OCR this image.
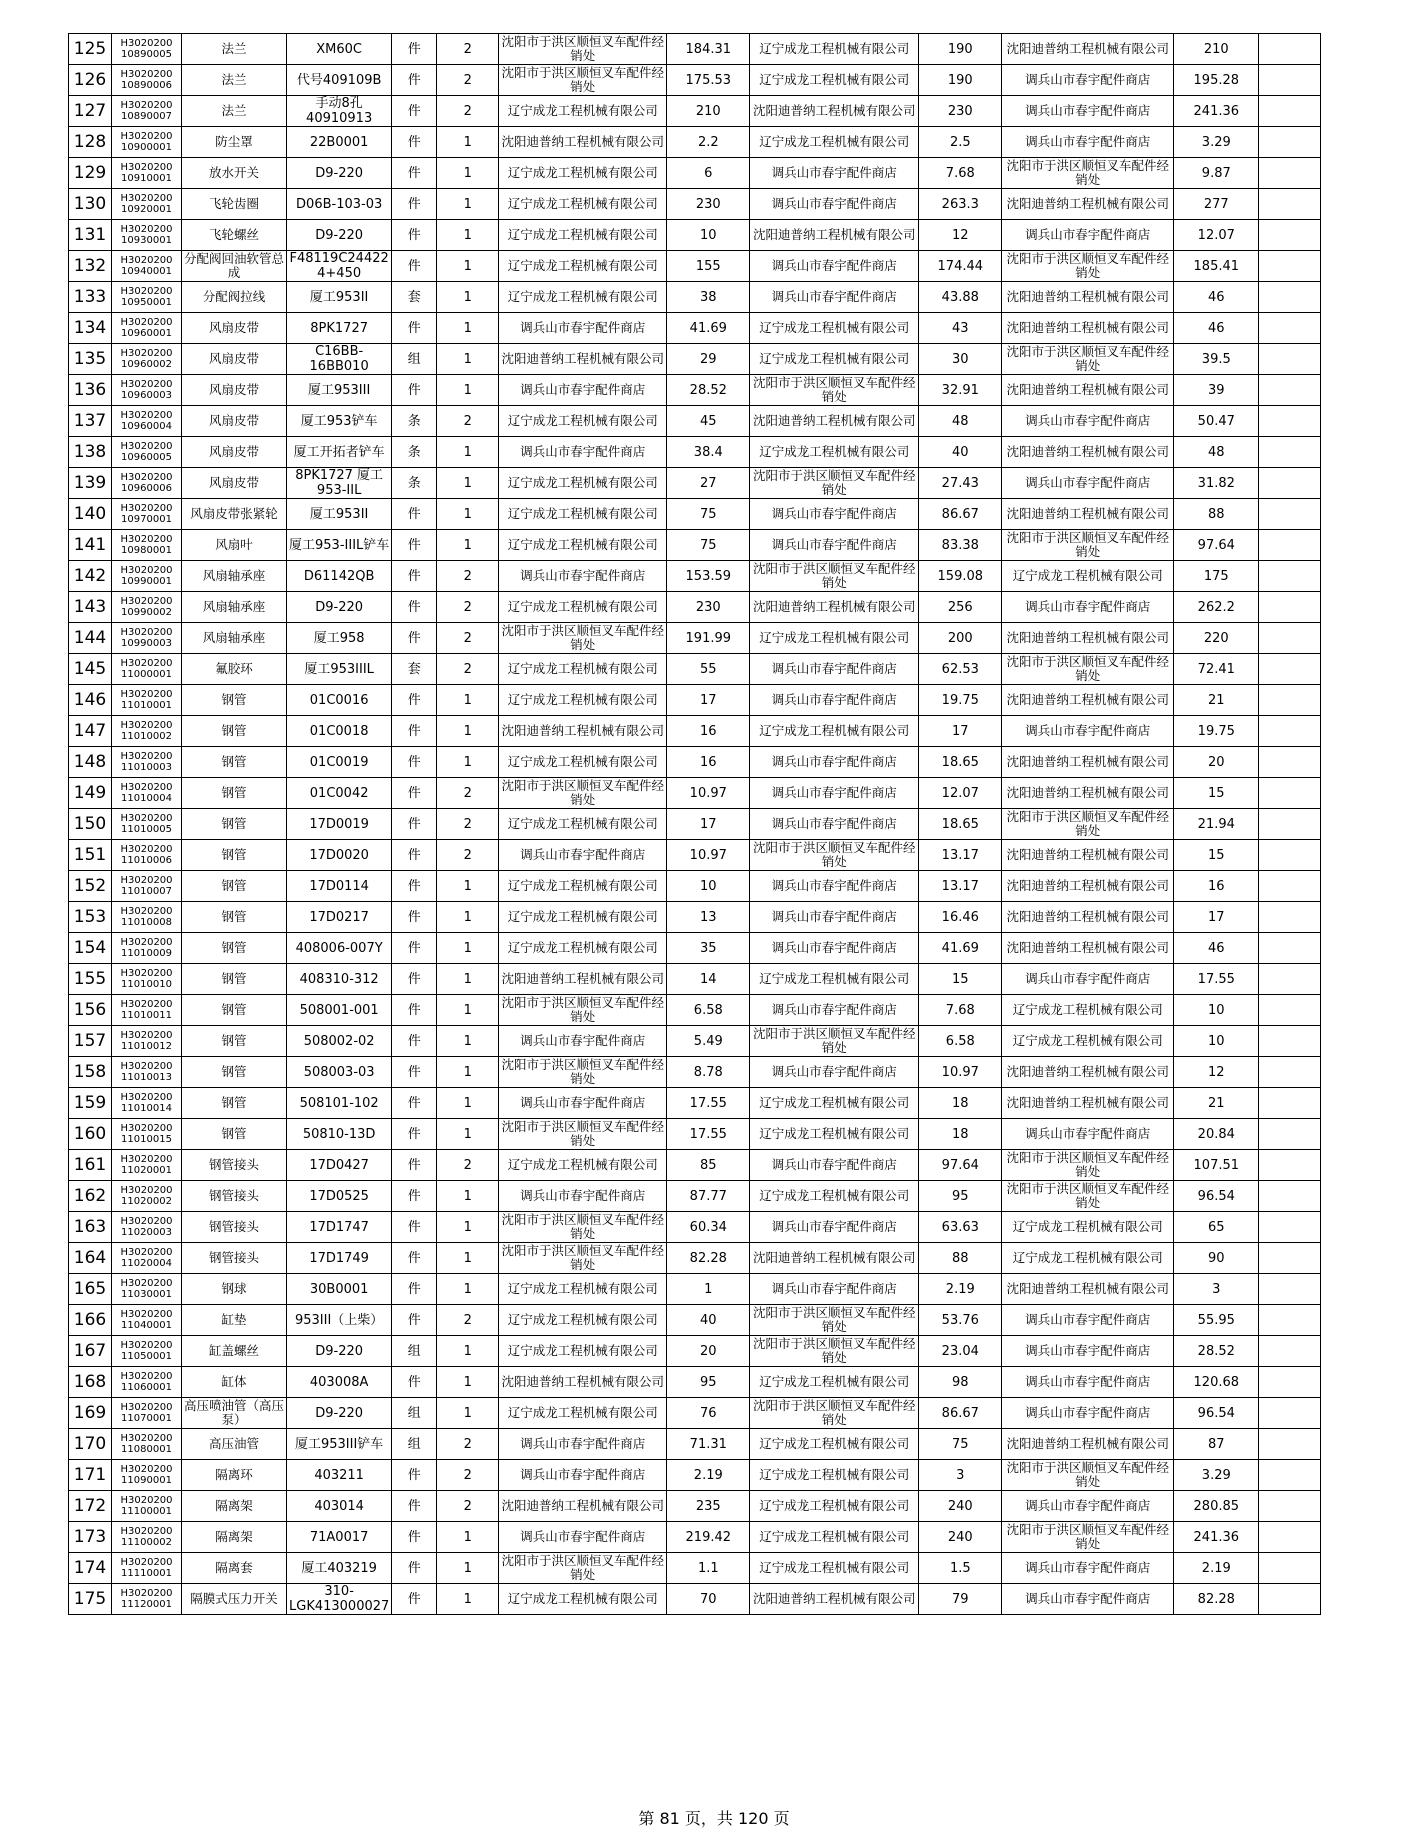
125	H3020200 10890005	法兰	XM60C	件	2	沈阳市于洪区顺恒叉车配件经销处	184.31	辽宁成龙工程机械有限公司	190	沈阳迪普纳工程机械有限公司	210	
126	H3020200 10890006	法兰	代号409109B	件	2	沈阳市于洪区顺恒叉车配件经销处	175.53	辽宁成龙工程机械有限公司	190	调兵山市春宇配件商店	195.28	
127	H3020200 10890007	法兰	手动8孔 40910913	件	2	辽宁成龙工程机械有限公司	210	沈阳迪普纳工程机械有限公司	230	调兵山市春宇配件商店	241.36	
128	H3020200 10900001	防尘罩	22B0001	件	1	沈阳迪普纳工程机械有限公司	2.2	辽宁成龙工程机械有限公司	2.5	调兵山市春宇配件商店	3.29	
129	H3020200 10910001	放水开关	D9-220	件	1	辽宁成龙工程机械有限公司	6	调兵山市春宇配件商店	7.68	沈阳市于洪区顺恒叉车配件经销处	9.87	
130	H3020200 10920001	飞轮齿圈	D06B-103-03	件	1	辽宁成龙工程机械有限公司	230	调兵山市春宇配件商店	263.3	沈阳迪普纳工程机械有限公司	277	
131	H3020200 10930001	飞轮螺丝	D9-220	件	1	辽宁成龙工程机械有限公司	10	沈阳迪普纳工程机械有限公司	12	调兵山市春宇配件商店	12.07	
132	H3020200 10940001	分配阀回油软管总成	F48119C24422 4+450	件	1	辽宁成龙工程机械有限公司	155	调兵山市春宇配件商店	174.44	沈阳市于洪区顺恒叉车配件经销处	185.41	
133	H3020200 10950001	分配阀拉线	厦工953II	套	1	辽宁成龙工程机械有限公司	38	调兵山市春宇配件商店	43.88	沈阳迪普纳工程机械有限公司	46	
134	H3020200 10960001	风扇皮带	8PK1727	件	1	调兵山市春宇配件商店	41.69	辽宁成龙工程机械有限公司	43	沈阳迪普纳工程机械有限公司	46	
135	H3020200 10960002	风扇皮带	C16BB-16BB010	组	1	沈阳迪普纳工程机械有限公司	29	辽宁成龙工程机械有限公司	30	沈阳市于洪区顺恒叉车配件经销处	39.5	
136	H3020200 10960003	风扇皮带	厦工953III	件	1	调兵山市春宇配件商店	28.52	沈阳市于洪区顺恒叉车配件经销处	32.91	沈阳迪普纳工程机械有限公司	39	
137	H3020200 10960004	风扇皮带	厦工953铲车	条	2	辽宁成龙工程机械有限公司	45	沈阳迪普纳工程机械有限公司	48	调兵山市春宇配件商店	50.47	
138	H3020200 10960005	风扇皮带	厦工开拓者铲车	条	1	调兵山市春宇配件商店	38.4	辽宁成龙工程机械有限公司	40	沈阳迪普纳工程机械有限公司	48	
139	H3020200 10960006	风扇皮带	8PK1727 厦工953-IIL	条	1	辽宁成龙工程机械有限公司	27	沈阳市于洪区顺恒叉车配件经销处	27.43	调兵山市春宇配件商店	31.82	
140	H3020200 10970001	风扇皮带张紧轮	厦工953II	件	1	辽宁成龙工程机械有限公司	75	调兵山市春宇配件商店	86.67	沈阳迪普纳工程机械有限公司	88	
141	H3020200 10980001	风扇叶	厦工953-IIIL铲车	件	1	辽宁成龙工程机械有限公司	75	调兵山市春宇配件商店	83.38	沈阳市于洪区顺恒叉车配件经销处	97.64	
142	H3020200 10990001	风扇轴承座	D61142QB	件	2	调兵山市春宇配件商店	153.59	沈阳市于洪区顺恒叉车配件经销处	159.08	辽宁成龙工程机械有限公司	175	
143	H3020200 10990002	风扇轴承座	D9-220	件	2	辽宁成龙工程机械有限公司	230	沈阳迪普纳工程机械有限公司	256	调兵山市春宇配件商店	262.2	
144	H3020200 10990003	风扇轴承座	厦工958	件	2	沈阳市于洪区顺恒叉车配件经销处	191.99	辽宁成龙工程机械有限公司	200	沈阳迪普纳工程机械有限公司	220	
145	H3020200 11000001	氟胶环	厦工953IIIL	套	2	辽宁成龙工程机械有限公司	55	调兵山市春宇配件商店	62.53	沈阳市于洪区顺恒叉车配件经销处	72.41	
146	H3020200 11010001	钢管	01C0016	件	1	辽宁成龙工程机械有限公司	17	调兵山市春宇配件商店	19.75	沈阳迪普纳工程机械有限公司	21	
147	H3020200 11010002	钢管	01C0018	件	1	沈阳迪普纳工程机械有限公司	16	辽宁成龙工程机械有限公司	17	调兵山市春宇配件商店	19.75	
148	H3020200 11010003	钢管	01C0019	件	1	辽宁成龙工程机械有限公司	16	调兵山市春宇配件商店	18.65	沈阳迪普纳工程机械有限公司	20	
149	H3020200 11010004	钢管	01C0042	件	2	沈阳市于洪区顺恒叉车配件经销处	10.97	调兵山市春宇配件商店	12.07	沈阳迪普纳工程机械有限公司	15	
150	H3020200 11010005	钢管	17D0019	件	2	辽宁成龙工程机械有限公司	17	调兵山市春宇配件商店	18.65	沈阳市于洪区顺恒叉车配件经销处	21.94	
151	H3020200 11010006	钢管	17D0020	件	2	调兵山市春宇配件商店	10.97	沈阳市于洪区顺恒叉车配件经销处	13.17	沈阳迪普纳工程机械有限公司	15	
152	H3020200 11010007	钢管	17D0114	件	1	辽宁成龙工程机械有限公司	10	调兵山市春宇配件商店	13.17	沈阳迪普纳工程机械有限公司	16	
153	H3020200 11010008	钢管	17D0217	件	1	辽宁成龙工程机械有限公司	13	调兵山市春宇配件商店	16.46	沈阳迪普纳工程机械有限公司	17	
154	H3020200 11010009	钢管	408006-007Y	件	1	辽宁成龙工程机械有限公司	35	调兵山市春宇配件商店	41.69	沈阳迪普纳工程机械有限公司	46	
155	H3020200 11010010	钢管	408310-312	件	1	沈阳迪普纳工程机械有限公司	14	辽宁成龙工程机械有限公司	15	调兵山市春宇配件商店	17.55	
156	H3020200 11010011	钢管	508001-001	件	1	沈阳市于洪区顺恒叉车配件经销处	6.58	调兵山市春宇配件商店	7.68	辽宁成龙工程机械有限公司	10	
157	H3020200 11010012	钢管	508002-02	件	1	调兵山市春宇配件商店	5.49	沈阳市于洪区顺恒叉车配件经销处	6.58	辽宁成龙工程机械有限公司	10	
158	H3020200 11010013	钢管	508003-03	件	1	沈阳市于洪区顺恒叉车配件经销处	8.78	调兵山市春宇配件商店	10.97	沈阳迪普纳工程机械有限公司	12	
159	H3020200 11010014	钢管	508101-102	件	1	调兵山市春宇配件商店	17.55	辽宁成龙工程机械有限公司	18	沈阳迪普纳工程机械有限公司	21	
160	H3020200 11010015	钢管	50810-13D	件	1	沈阳市于洪区顺恒叉车配件经销处	17.55	辽宁成龙工程机械有限公司	18	调兵山市春宇配件商店	20.84	
161	H3020200 11020001	钢管接头	17D0427	件	2	辽宁成龙工程机械有限公司	85	调兵山市春宇配件商店	97.64	沈阳市于洪区顺恒叉车配件经销处	107.51	
162	H3020200 11020002	钢管接头	17D0525	件	1	调兵山市春宇配件商店	87.77	辽宁成龙工程机械有限公司	95	沈阳市于洪区顺恒叉车配件经销处	96.54	
163	H3020200 11020003	钢管接头	17D1747	件	1	沈阳市于洪区顺恒叉车配件经销处	60.34	调兵山市春宇配件商店	63.63	辽宁成龙工程机械有限公司	65	
164	H3020200 11020004	钢管接头	17D1749	件	1	沈阳市于洪区顺恒叉车配件经销处	82.28	沈阳迪普纳工程机械有限公司	88	辽宁成龙工程机械有限公司	90	
165	H3020200 11030001	钢球	30B0001	件	1	辽宁成龙工程机械有限公司	1	调兵山市春宇配件商店	2.19	沈阳迪普纳工程机械有限公司	3	
166	H3020200 11040001	缸垫	953III（上柴）	件	2	辽宁成龙工程机械有限公司	40	沈阳市于洪区顺恒叉车配件经销处	53.76	调兵山市春宇配件商店	55.95	
167	H3020200 11050001	缸盖螺丝	D9-220	组	1	辽宁成龙工程机械有限公司	20	沈阳市于洪区顺恒叉车配件经销处	23.04	调兵山市春宇配件商店	28.52	
168	H3020200 11060001	缸体	403008A	件	1	沈阳迪普纳工程机械有限公司	95	辽宁成龙工程机械有限公司	98	调兵山市春宇配件商店	120.68	
169	H3020200 11070001	高压喷油管（高压泵）	D9-220	组	1	辽宁成龙工程机械有限公司	76	沈阳市于洪区顺恒叉车配件经销处	86.67	调兵山市春宇配件商店	96.54	
170	H3020200 11080001	高压油管	厦工953III铲车	组	2	调兵山市春宇配件商店	71.31	辽宁成龙工程机械有限公司	75	沈阳迪普纳工程机械有限公司	87	
171	H3020200 11090001	隔离环	403211	件	2	调兵山市春宇配件商店	2.19	辽宁成龙工程机械有限公司	3	沈阳市于洪区顺恒叉车配件经销处	3.29	
172	H3020200 11100001	隔离架	403014	件	2	沈阳迪普纳工程机械有限公司	235	辽宁成龙工程机械有限公司	240	调兵山市春宇配件商店	280.85	
173	H3020200 11100002	隔离架	71A0017	件	1	调兵山市春宇配件商店	219.42	辽宁成龙工程机械有限公司	240	沈阳市于洪区顺恒叉车配件经销处	241.36	
174	H3020200 11110001	隔离套	厦工403219	件	1	沈阳市于洪区顺恒叉车配件经销处	1.1	辽宁成龙工程机械有限公司	1.5	调兵山市春宇配件商店	2.19	
175	H3020200 11120001	隔膜式压力开关	310-LGK413000027	件	1	辽宁成龙工程机械有限公司	70	沈阳迪普纳工程机械有限公司	79	调兵山市春宇配件商店	82.28	
第 81 页，共 120 页
